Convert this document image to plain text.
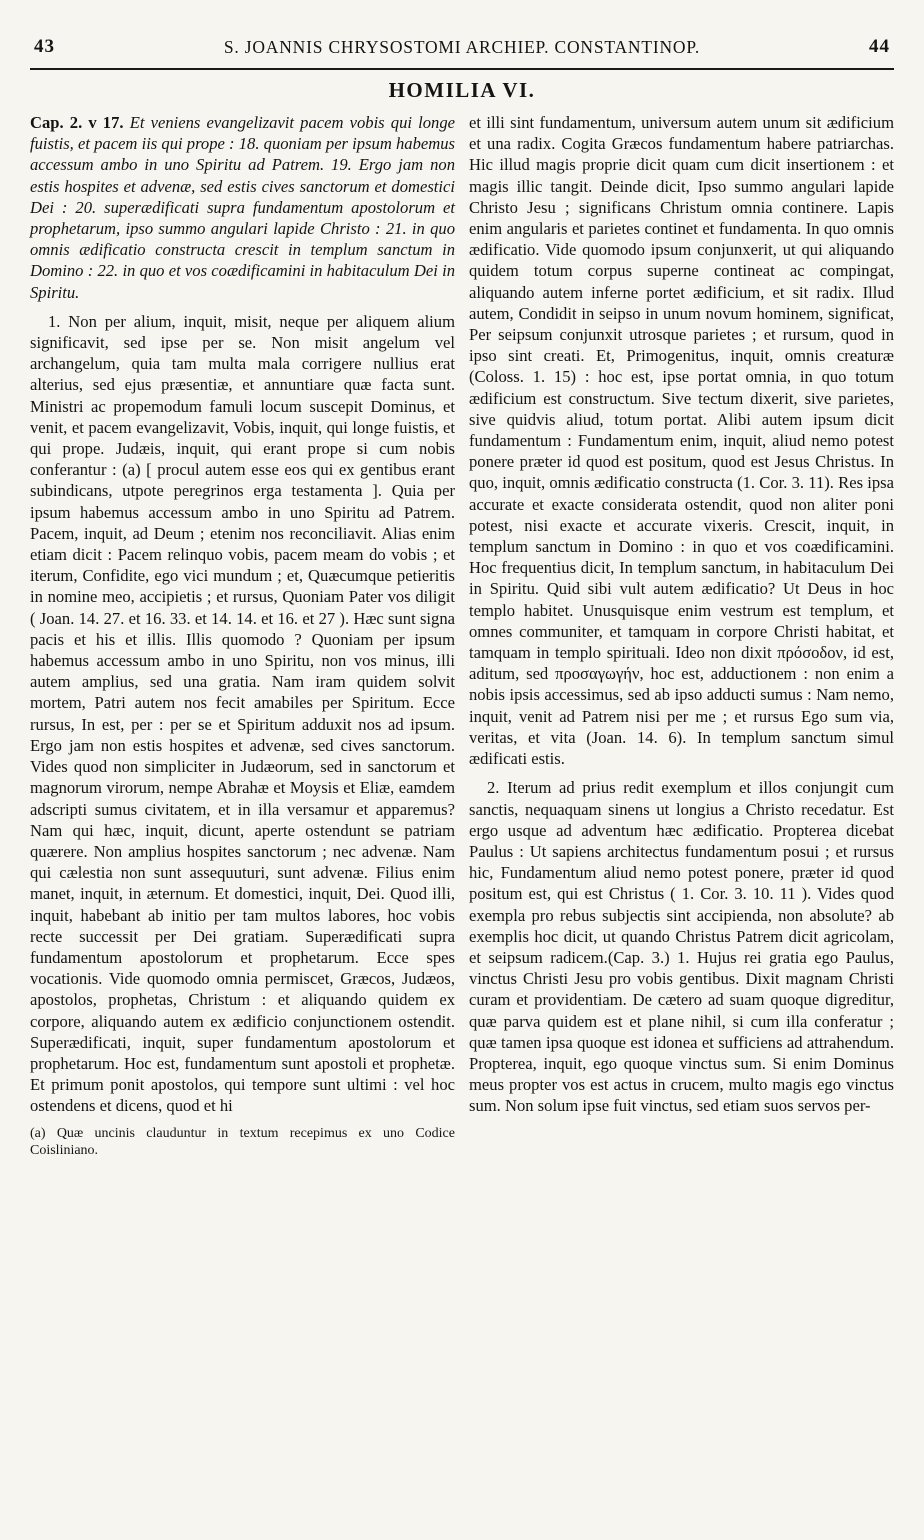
43	S. JOANNIS CHRYSOSTOMI ARCHIEP. CONSTANTINOP.	44
HOMILIA VI.

Cap. 2. v 17. Et veniens evangelizavit pacem vobis qui longe fuistis, et pacem iis qui prope : 18. quoniam per ipsum habemus accessum ambo in uno Spiritu ad Patrem. 19. Ergo jam non estis hospites et advenæ, sed estis cives sanctorum et domestici Dei : 20. superædificati supra fundamentum apostolorum et prophetarum, ipso summo angulari lapide Christo : 21. in quo omnis ædificatio constructa crescit in templum sanctum in Domino : 22. in quo et vos coædificamini in habitaculum Dei in Spiritu.

1. Non per alium, inquit, misit, neque per aliquem alium significavit, sed ipse per se. Non misit angelum vel archangelum, quia tam multa mala corrigere nullius erat alterius, sed ejus præsentiæ, et annuntiare quæ facta sunt. Ministri ac propemodum famuli locum suscepit Dominus, et venit, et pacem evangelizavit, Vobis, inquit, qui longe fuistis, et qui prope. Judæis, inquit, qui erant prope si cum nobis conferantur : (a) [ procul autem esse eos qui ex gentibus erant subindicans, utpote peregrinos erga testamenta ]. Quia per ipsum habemus accessum ambo in uno Spiritu ad Patrem. Pacem, inquit, ad Deum ; etenim nos reconciliavit. Alias enim etiam dicit : Pacem relinquo vobis, pacem meam do vobis ; et iterum, Confidite, ego vici mundum ; et, Quæcumque petieritis in nomine meo, accipietis ; et rursus, Quoniam Pater vos diligit ( Joan. 14. 27. et 16. 33. et 14. 14. et 16. et 27 ). Hæc sunt signa pacis et his et illis. Illis quomodo ? Quoniam per ipsum habemus accessum ambo in uno Spiritu, non vos minus, illi autem amplius, sed una gratia. Nam iram quidem solvit mortem, Patri autem nos fecit amabiles per Spiritum. Ecce rursus, In est, per : per se et Spiritum adduxit nos ad ipsum. Ergo jam non estis hospites et advenæ, sed cives sanctorum. Vides quod non simpliciter in Judæorum, sed in sanctorum et magnorum virorum, nempe Abrahæ et Moysis et Eliæ, eamdem adscripti sumus civitatem, et in illa versamur et apparemus? Nam qui hæc, inquit, dicunt, aperte ostendunt se patriam quærere. Non amplius hospites sanctorum ; nec advenæ. Nam qui cælestia non sunt assequuturi, sunt advenæ. Filius enim manet, inquit, in æternum. Et domestici, inquit, Dei. Quod illi, inquit, habebant ab initio per tam multos labores, hoc vobis recte successit per Dei gratiam. Superædificati supra fundamentum apostolorum et prophetarum. Ecce spes vocationis. Vide quomodo omnia permiscet, Græcos, Judæos, apostolos, prophetas, Christum : et aliquando quidem ex corpore, aliquando autem ex ædificio conjunctionem ostendit. Superædificati, inquit, super fundamentum apostolorum et prophetarum. Hoc est, fundamentum sunt apostoli et prophetæ. Et primum ponit apostolos, qui tempore sunt ultimi : vel hoc ostendens et dicens, quod et hi

(a) Quæ uncinis clauduntur in textum recepimus ex uno Codice Coisliniano.

et illi sint fundamentum, universum autem unum sit ædificium et una radix. Cogita Græcos fundamentum habere patriarchas. Hic illud magis proprie dicit quam cum dicit insertionem : et magis illic tangit. Deinde dicit, Ipso summo angulari lapide Christo Jesu ; significans Christum omnia continere. Lapis enim angularis et parietes continet et fundamenta. In quo omnis ædificatio. Vide quomodo ipsum conjunxerit, ut qui aliquando quidem totum corpus superne contineat ac compingat, aliquando autem inferne portet ædificium, et sit radix. Illud autem, Condidit in seipso in unum novum hominem, significat, Per seipsum conjunxit utrosque parietes ; et rursum, quod in ipso sint creati. Et, Primogenitus, inquit, omnis creaturæ (Coloss. 1. 15) : hoc est, ipse portat omnia, in quo totum ædificium est constructum. Sive tectum dixerit, sive parietes, sive quidvis aliud, totum portat. Alibi autem ipsum dicit fundamentum : Fundamentum enim, inquit, aliud nemo potest ponere præter id quod est positum, quod est Jesus Christus. In quo, inquit, omnis ædificatio constructa (1. Cor. 3. 11). Res ipsa accurate et exacte considerata ostendit, quod non aliter poni potest, nisi exacte et accurate vixeris. Crescit, inquit, in templum sanctum in Domino : in quo et vos coædificamini. Hoc frequentius dicit, In templum sanctum, in habitaculum Dei in Spiritu. Quid sibi vult autem ædificatio? Ut Deus in hoc templo habitet. Unusquisque enim vestrum est templum, et omnes communiter, et tamquam in corpore Christi habitat, et tamquam in templo spirituali. Ideo non dixit πρόσοδον, id est, aditum, sed προσαγωγήν, hoc est, adductionem : non enim a nobis ipsis accessimus, sed ab ipso adducti sumus : Nam nemo, inquit, venit ad Patrem nisi per me ; et rursus Ego sum via, veritas, et vita (Joan. 14. 6). In templum sanctum simul ædificati estis.

2. Iterum ad prius redit exemplum et illos conjungit cum sanctis, nequaquam sinens ut longius a Christo recedatur. Est ergo usque ad adventum hæc ædificatio. Propterea dicebat Paulus : Ut sapiens architectus fundamentum posui ; et rursus hic, Fundamentum aliud nemo potest ponere, præter id quod positum est, qui est Christus ( 1. Cor. 3. 10. 11 ). Vides quod exempla pro rebus subjectis sint accipienda, non absolute? ab exemplis hoc dicit, ut quando Christus Patrem dicit agricolam, et seipsum radicem.(Cap. 3.) 1. Hujus rei gratia ego Paulus, vinctus Christi Jesu pro vobis gentibus. Dixit magnam Christi curam et providentiam. De cætero ad suam quoque digreditur, quæ parva quidem est et plane nihil, si cum illa conferatur ; quæ tamen ipsa quoque est idonea et sufficiens ad attrahendum. Propterea, inquit, ego quoque vinctus sum. Si enim Dominus meus propter vos est actus in crucem, multo magis ego vinctus sum. Non solum ipse fuit vinctus, sed etiam suos servos per-
